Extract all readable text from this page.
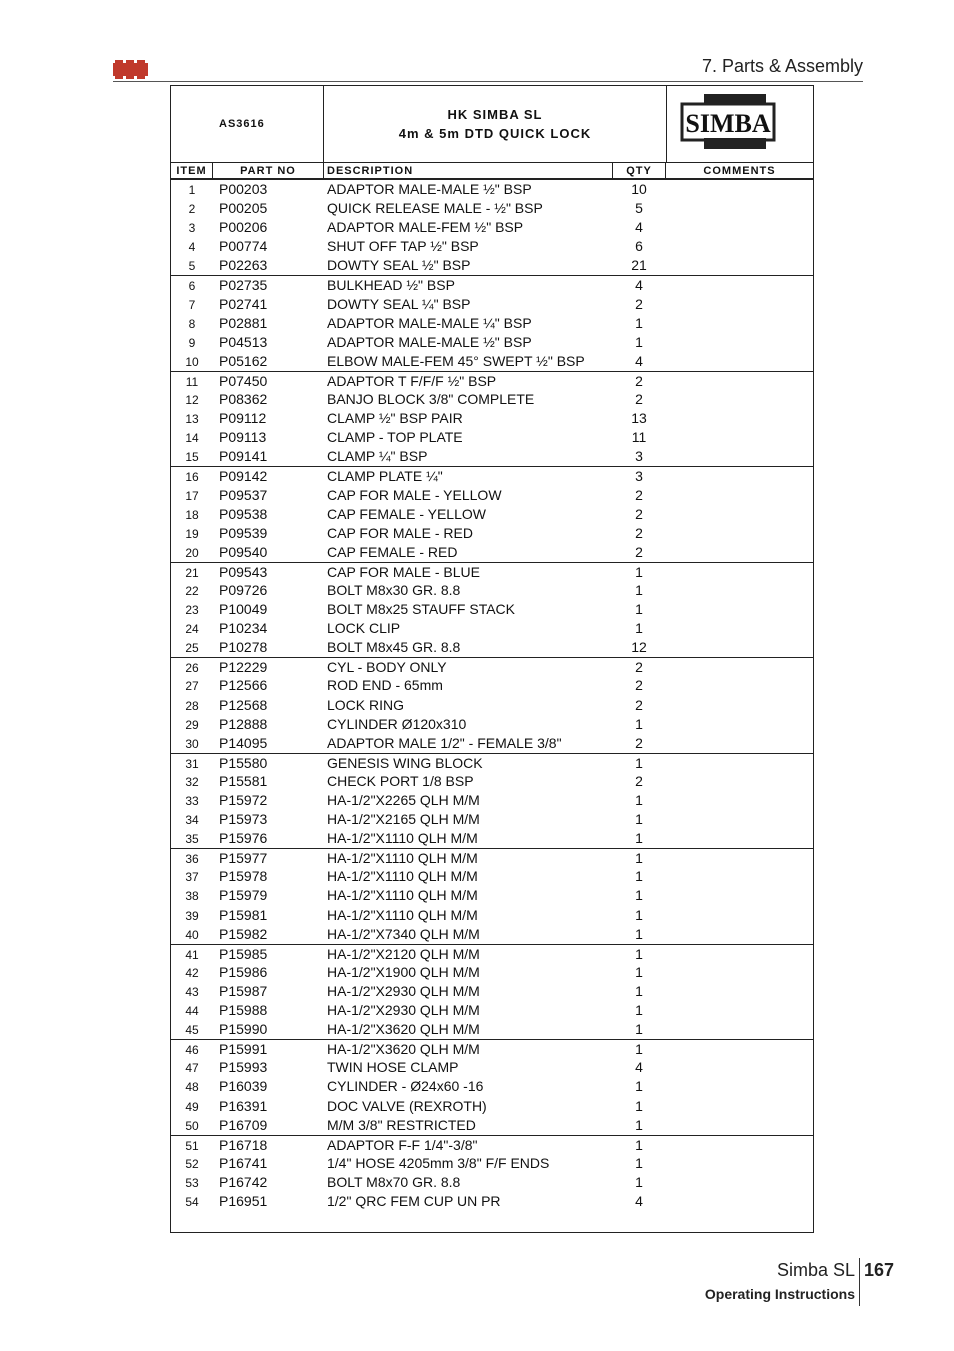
7. Parts & Assembly
AS3616
HK SIMBA SL
4m & 5m DTD QUICK LOCK	SIMBA
ITEM	PART NO	DESCRIPTION	QTY	COMMENTS
1	P00203	ADAPTOR MALE-MALE ½" BSP	10
2	P00205	QUICK RELEASE MALE - ½" BSP	5
3	P00206	ADAPTOR MALE-FEM ½" BSP	4
4	P00774	SHUT OFF TAP ½" BSP	6
5	P02263	DOWTY SEAL ½" BSP	21
6	P02735	BULKHEAD ½" BSP	4
7	P02741	DOWTY SEAL ¼" BSP	2
8	P02881	ADAPTOR MALE-MALE ¼" BSP	1
9	P04513	ADAPTOR MALE-MALE ½" BSP	1
10	P05162	ELBOW MALE-FEM 45° SWEPT ½" BSP	4
11	P07450	ADAPTOR T F/F/F ½" BSP	2
12	P08362	BANJO BLOCK 3/8" COMPLETE	2
13	P09112	CLAMP ½" BSP PAIR	13
14	P09113	CLAMP - TOP PLATE	11
15	P09141	CLAMP ¼" BSP	3
16	P09142	CLAMP PLATE ¼"	3
17	P09537	CAP FOR MALE - YELLOW	2
18	P09538	CAP FEMALE - YELLOW	2
19	P09539	CAP FOR MALE - RED	2
20	P09540	CAP FEMALE - RED	2
21	P09543	CAP FOR MALE - BLUE	1
22	P09726	BOLT M8x30 GR. 8.8	1
23	P10049	BOLT M8x25 STAUFF STACK	1
24	P10234	LOCK CLIP	1
25	P10278	BOLT M8x45 GR. 8.8	12
26	P12229	CYL - BODY ONLY	2
27	P12566	ROD END - 65mm	2
28	P12568	LOCK RING	2
29	P12888	CYLINDER Ø120x310	1
30	P14095	ADAPTOR MALE 1/2" - FEMALE 3/8"	2
31	P15580	GENESIS WING BLOCK	1
32	P15581	CHECK PORT 1/8 BSP	2
33	P15972	HA-1/2"X2265 QLH M/M	1
34	P15973	HA-1/2"X2165 QLH M/M	1
35	P15976	HA-1/2"X1110 QLH M/M	1
36	P15977	HA-1/2"X1110 QLH M/M	1
37	P15978	HA-1/2"X1110 QLH M/M	1
38	P15979	HA-1/2"X1110 QLH M/M	1
39	P15981	HA-1/2"X1110 QLH M/M	1
40	P15982	HA-1/2"X7340 QLH M/M	1
41	P15985	HA-1/2"X2120 QLH M/M	1
42	P15986	HA-1/2"X1900 QLH M/M	1
43	P15987	HA-1/2"X2930 QLH M/M	1
44	P15988	HA-1/2"X2930 QLH M/M	1
45	P15990	HA-1/2"X3620 QLH M/M	1
46	P15991	HA-1/2"X3620 QLH M/M	1
47	P15993	TWIN HOSE CLAMP	4
48	P16039	CYLINDER - Ø24x60 -16	1
49	P16391	DOC VALVE (REXROTH)	1
50	P16709	M/M 3/8" RESTRICTED	1
51	P16718	ADAPTOR F-F 1/4"-3/8"	1
52	P16741	1/4" HOSE 4205mm 3/8" F/F ENDS	1
53	P16742	BOLT M8x70 GR. 8.8	1
54	P16951	1/2" QRC FEM CUP UN PR	4
Simba SL
Operating Instructions
167
